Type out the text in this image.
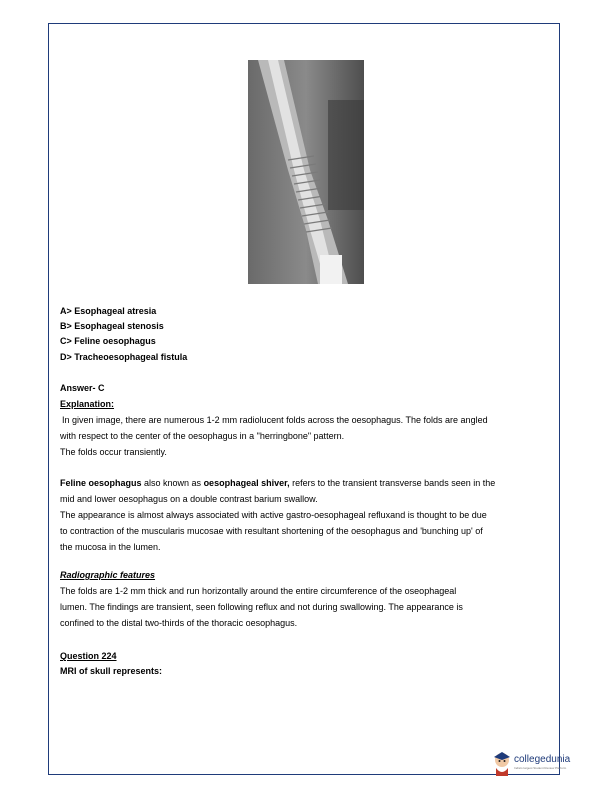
A> Esophageal atresia
B> Esophageal stenosis
C> Feline oesophagus
D> Tracheoesophageal fistula
Answer- C
Explanation:
In given image, there are numerous 1-2 mm radiolucent folds across the oesophagus. The folds are angled
with respect to the center of the oesophagus in a "herringbone" pattern.
The folds occur transiently.
Feline oesophagus also known as oesophageal shiver, refers to the transient transverse bands seen in the
mid and lower oesophagus on a double contrast barium swallow.
The appearance is almost always associated with active gastro-oesophageal refluxand is thought to be due
to contraction of the muscularis mucosae with resultant shortening of the oesophagus and 'bunching up' of
the mucosa in the lumen.
Radiographic features
The folds are 1-2 mm thick and run horizontally around the entire circumference of the oseophageal
lumen. The findings are transient, seen following reflux and not during swallowing. The appearance is
confined to the distal two-thirds of the thoracic oesophagus.
Question 224
MRI of skull represents:
collegedunia
India's largest Student Review Platform
